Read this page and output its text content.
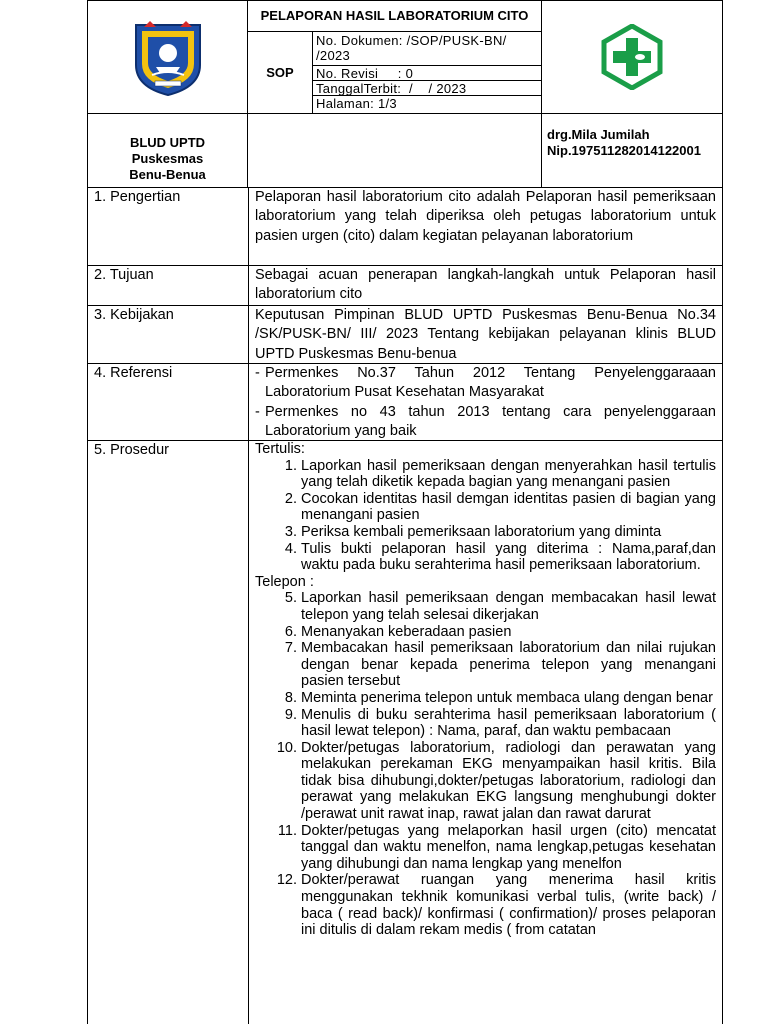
PELAPORAN HASIL LABORATORIUM CITO
SOP
No. Dokumen: /SOP/PUSK-BN/ /2023
No. Revisi     : 0
TanggalTerbit:  /    / 2023
Halaman: 1/3
BLUD UPTD
Puskesmas
Benu-Benua
drg.Mila Jumilah
Nip.197511282014122001
1. Pengertian	Pelaporan hasil laboratorium cito adalah Pelaporan hasil pemeriksaan laboratorium yang telah diperiksa oleh petugas laboratorium untuk pasien urgen (cito) dalam kegiatan pelayanan laboratorium
2. Tujuan	Sebagai acuan penerapan langkah-langkah untuk Pelaporan hasil laboratorium cito
3. Kebijakan	Keputusan Pimpinan BLUD UPTD Puskesmas Benu-Benua No.34 /SK/PUSK-BN/ III/ 2023 Tentang kebijakan pelayanan klinis BLUD UPTD Puskesmas Benu-benua
4. Referensi	- Permenkes No.37 Tahun 2012 Tentang Penyelenggaraaan Laboratorium Pusat Kesehatan Masyarakat
- Permenkes no 43 tahun 2013 tentang cara penyelenggaraan Laboratorium yang baik
5. Prosedur	Tertulis:
1. Laporkan hasil pemeriksaan dengan menyerahkan hasil tertulis yang telah diketik kepada bagian yang menangani pasien
2. Cocokan identitas hasil demgan identitas pasien di bagian yang menangani pasien
3. Periksa kembali pemeriksaan laboratorium yang diminta
4. Tulis bukti pelaporan hasil yang diterima : Nama,paraf,dan waktu pada buku serahterima hasil pemeriksaan laboratorium.
Telepon :
5. Laporkan hasil pemeriksaan dengan membacakan hasil lewat telepon yang telah selesai dikerjakan
6. Menanyakan keberadaan pasien
7. Membacakan hasil pemeriksaan laboratorium dan nilai rujukan dengan benar kepada penerima telepon yang menangani pasien tersebut
8. Meminta penerima telepon untuk membaca ulang dengan benar
9. Menulis di buku serahterima hasil pemeriksaan laboratorium ( hasil lewat telepon) : Nama, paraf, dan waktu pembacaan
10. Dokter/petugas laboratorium, radiologi dan perawatan yang melakukan perekaman EKG menyampaikan hasil kritis. Bila tidak bisa dihubungi,dokter/petugas laboratorium, radiologi dan perawat yang melakukan EKG langsung menghubungi dokter /perawat unit rawat inap, rawat jalan dan rawat darurat
11. Dokter/petugas yang melaporkan hasil urgen (cito) mencatat tanggal dan waktu menelfon, nama lengkap,petugas kesehatan yang dihubungi dan nama lengkap yang menelfon
12. Dokter/perawat ruangan yang menerima hasil kritis menggunakan tekhnik komunikasi verbal tulis, (write back) / baca ( read back)/ konfirmasi ( confirmation)/ proses pelaporan ini ditulis di dalam rekam medis ( from catatan
